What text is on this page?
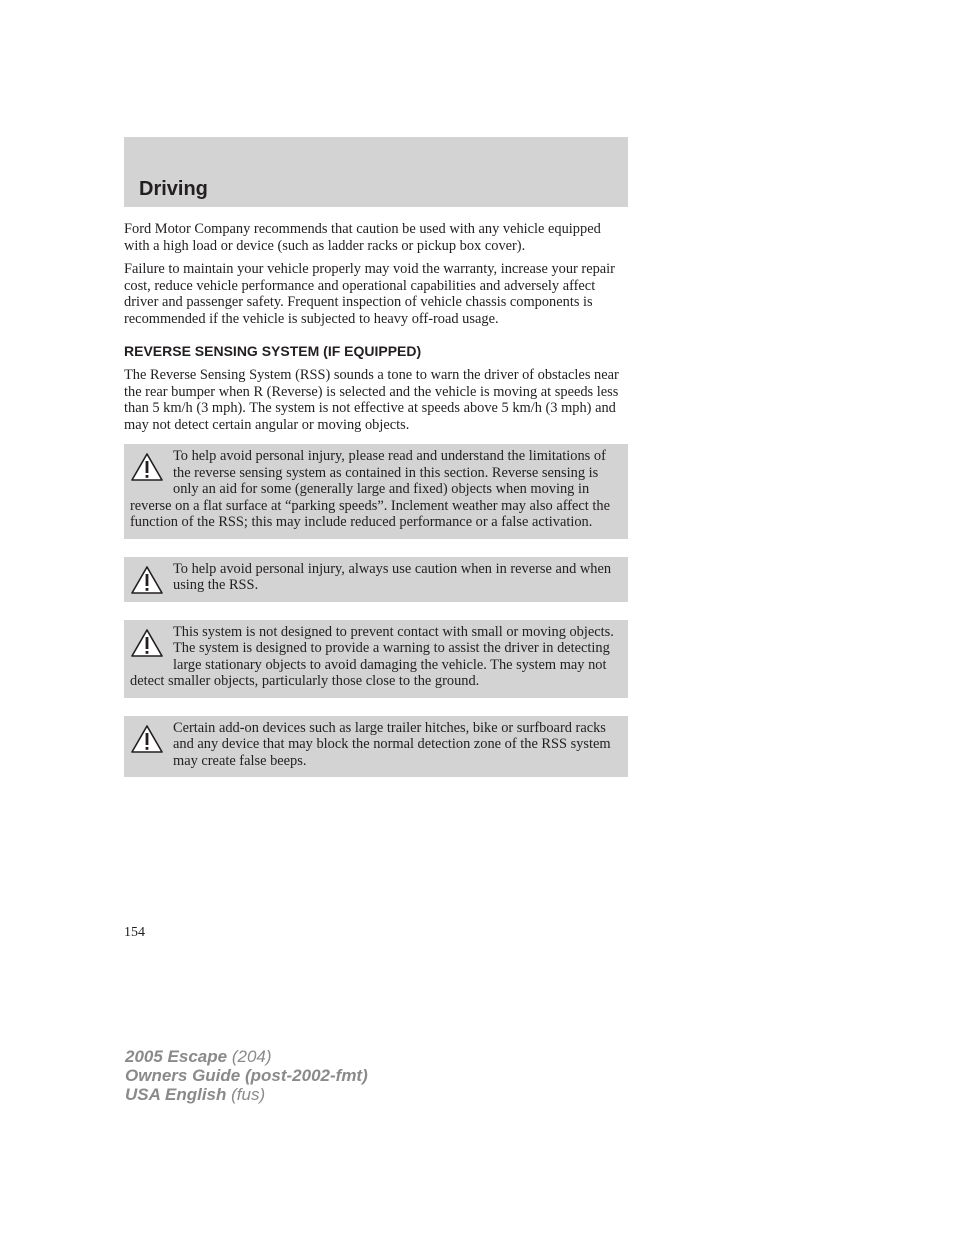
Driving

Ford Motor Company recommends that caution be used with any vehicle equipped with a high load or device (such as ladder racks or pickup box cover).

Failure to maintain your vehicle properly may void the warranty, increase your repair cost, reduce vehicle performance and operational capabilities and adversely affect driver and passenger safety. Frequent inspection of vehicle chassis components is recommended if the vehicle is subjected to heavy off-road usage.

REVERSE SENSING SYSTEM (IF EQUIPPED)

The Reverse Sensing System (RSS) sounds a tone to warn the driver of obstacles near the rear bumper when R (Reverse) is selected and the vehicle is moving at speeds less than 5 km/h (3 mph). The system is not effective at speeds above 5 km/h (3 mph) and may not detect certain angular or moving objects.

To help avoid personal injury, please read and understand the limitations of the reverse sensing system as contained in this section. Reverse sensing is only an aid for some (generally large and fixed) objects when moving in reverse on a flat surface at “parking speeds”. Inclement weather may also affect the function of the RSS; this may include reduced performance or a false activation.
To help avoid personal injury, always use caution when in reverse and when using the RSS.
This system is not designed to prevent contact with small or moving objects. The system is designed to provide a warning to assist the driver in detecting large stationary objects to avoid damaging the vehicle. The system may not detect smaller objects, particularly those close to the ground.
Certain add-on devices such as large trailer hitches, bike or surfboard racks and any device that may block the normal detection zone of the RSS system may create false beeps.
154
2005 Escape (204)
Owners Guide (post-2002-fmt)
USA English (fus)
